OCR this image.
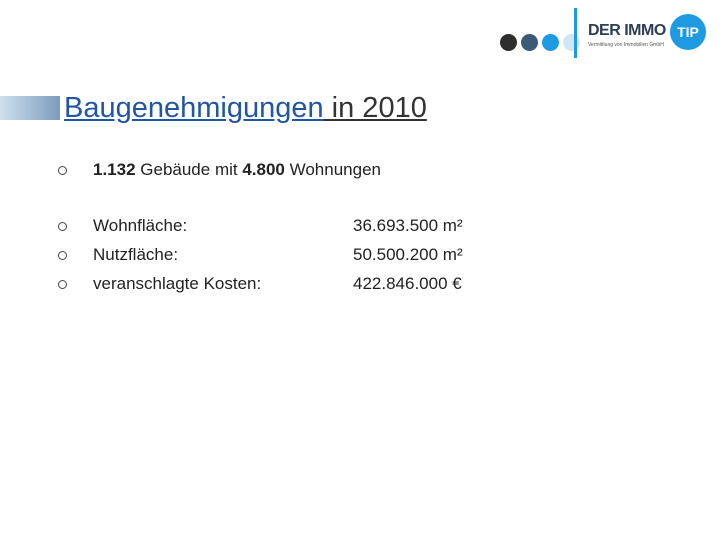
DER IMMO TIP
Vermittlung von Immobilien GmbH
Baugenehmigungen in 2010
1.132 Gebäude mit 4.800 Wohnungen
Wohnfläche:	36.693.500 m²
Nutzfläche:	50.500.200 m²
veranschlagte Kosten:	422.846.000 €
